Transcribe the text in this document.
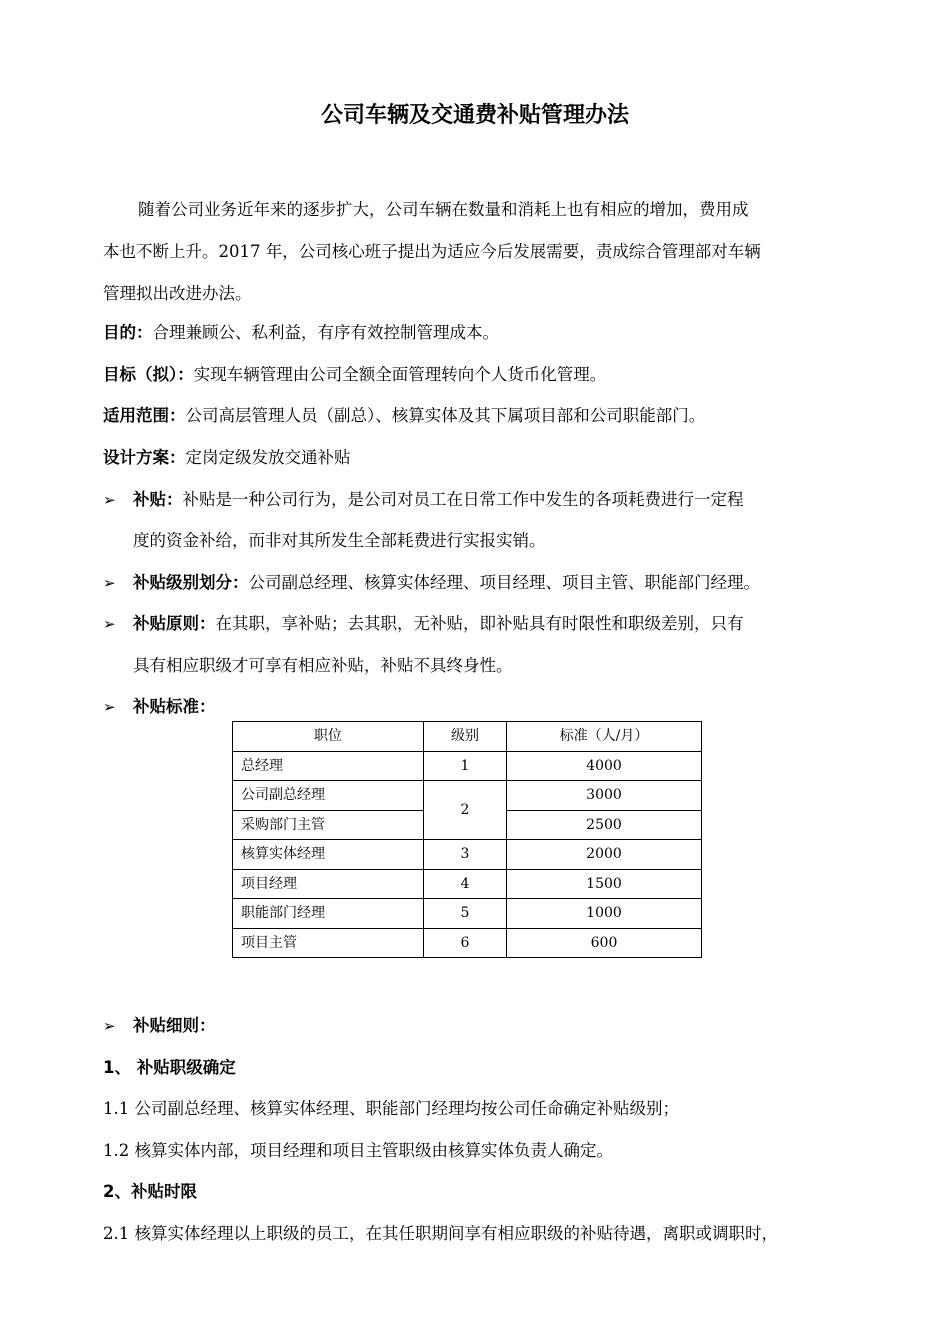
公司车辆及交通费补贴管理办法
随着公司业务近年来的逐步扩大，公司车辆在数量和消耗上也有相应的增加，费用成
本也不断上升。2017 年，公司核心班子提出为适应今后发展需要，责成综合管理部对车辆
管理拟出改进办法。
目的：合理兼顾公、私利益，有序有效控制管理成本。
目标（拟）：实现车辆管理由公司全额全面管理转向个人货币化管理。
适用范围：公司高层管理人员（副总）、核算实体及其下属项目部和公司职能部门。
设计方案：定岗定级发放交通补贴
➢ 补贴：补贴是一种公司行为，是公司对员工在日常工作中发生的各项耗费进行一定程
度的资金补给，而非对其所发生全部耗费进行实报实销。
➢ 补贴级别划分：公司副总经理、核算实体经理、项目经理、项目主管、职能部门经理。
➢ 补贴原则：在其职，享补贴；去其职，无补贴，即补贴具有时限性和职级差别，只有
具有相应职级才可享有相应补贴，补贴不具终身性。
➢ 补贴标准：
职位	级别	标准（人/月）
总经理	1	4000
公司副总经理	2	3000
采购部门主管		2500
核算实体经理	3	2000
项目经理	4	1500
职能部门经理	5	1000
项目主管	6	600
➢ 补贴细则：
1、 补贴职级确定
1.1 公司副总经理、核算实体经理、职能部门经理均按公司任命确定补贴级别；
1.2 核算实体内部，项目经理和项目主管职级由核算实体负责人确定。
2、补贴时限
2.1 核算实体经理以上职级的员工，在其任职期间享有相应职级的补贴待遇，离职或调职时，
